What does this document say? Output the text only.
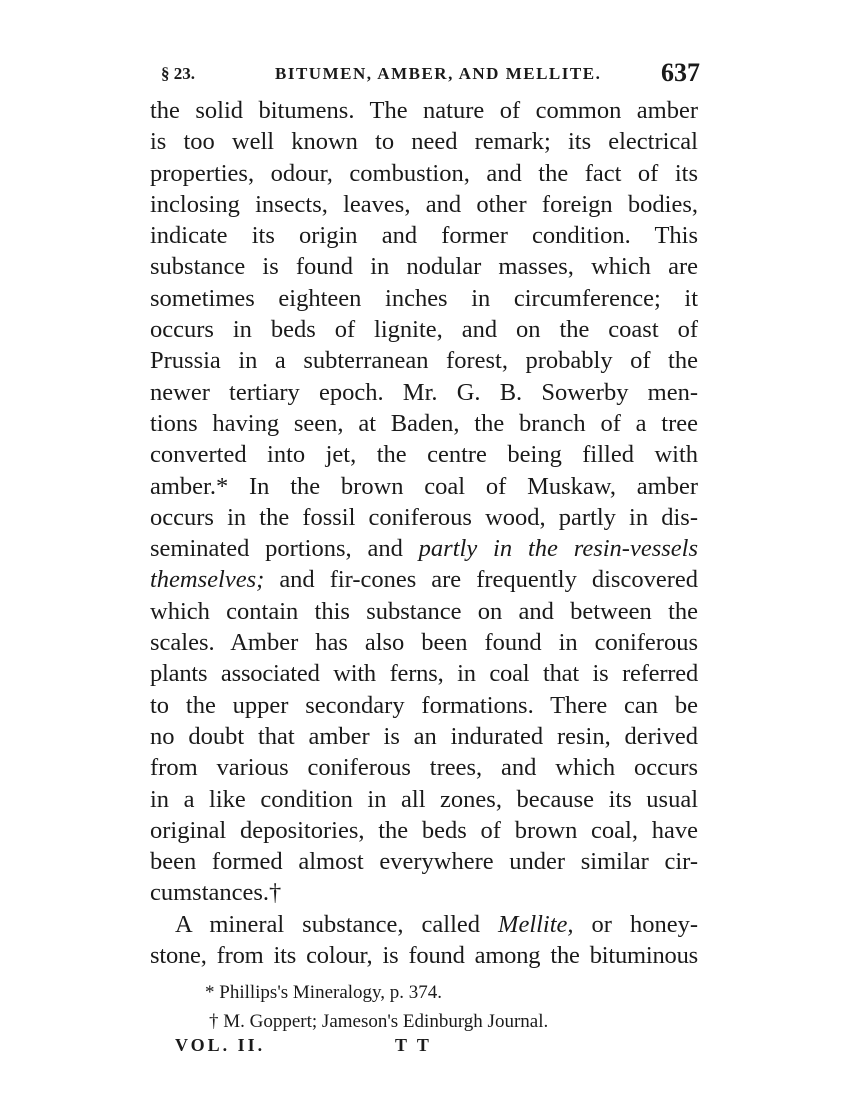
§ 23.	BITUMEN, AMBER, AND MELLITE. 637
the solid bitumens. The nature of common amber
is too well known to need remark; its electrical
properties, odour, combustion, and the fact of its
inclosing insects, leaves, and other foreign bodies,
indicate its origin and former condition. This
substance is found in nodular masses, which are
sometimes eighteen inches in circumference; it
occurs in beds of lignite, and on the coast of
Prussia in a subterranean forest, probably of the
newer tertiary epoch. Mr. G. B. Sowerby men-
tions having seen, at Baden, the branch of a tree
converted into jet, the centre being filled with
amber.* In the brown coal of Muskaw, amber
occurs in the fossil coniferous wood, partly in dis-
seminated portions, and partly in the resin-vessels
themselves; and fir-cones are frequently discovered
which contain this substance on and between the
scales. Amber has also been found in coniferous
plants associated with ferns, in coal that is referred
to the upper secondary formations. There can be
no doubt that amber is an indurated resin, derived
from various coniferous trees, and which occurs
in a like condition in all zones, because its usual
original depositories, the beds of brown coal, have
been formed almost everywhere under similar cir-
cumstances.†
A mineral substance, called Mellite, or honey-
stone, from its colour, is found among the bituminous
* Phillips's Mineralogy, p. 374.
† M. Goppert; Jameson's Edinburgh Journal.
VOL. II.	T T
